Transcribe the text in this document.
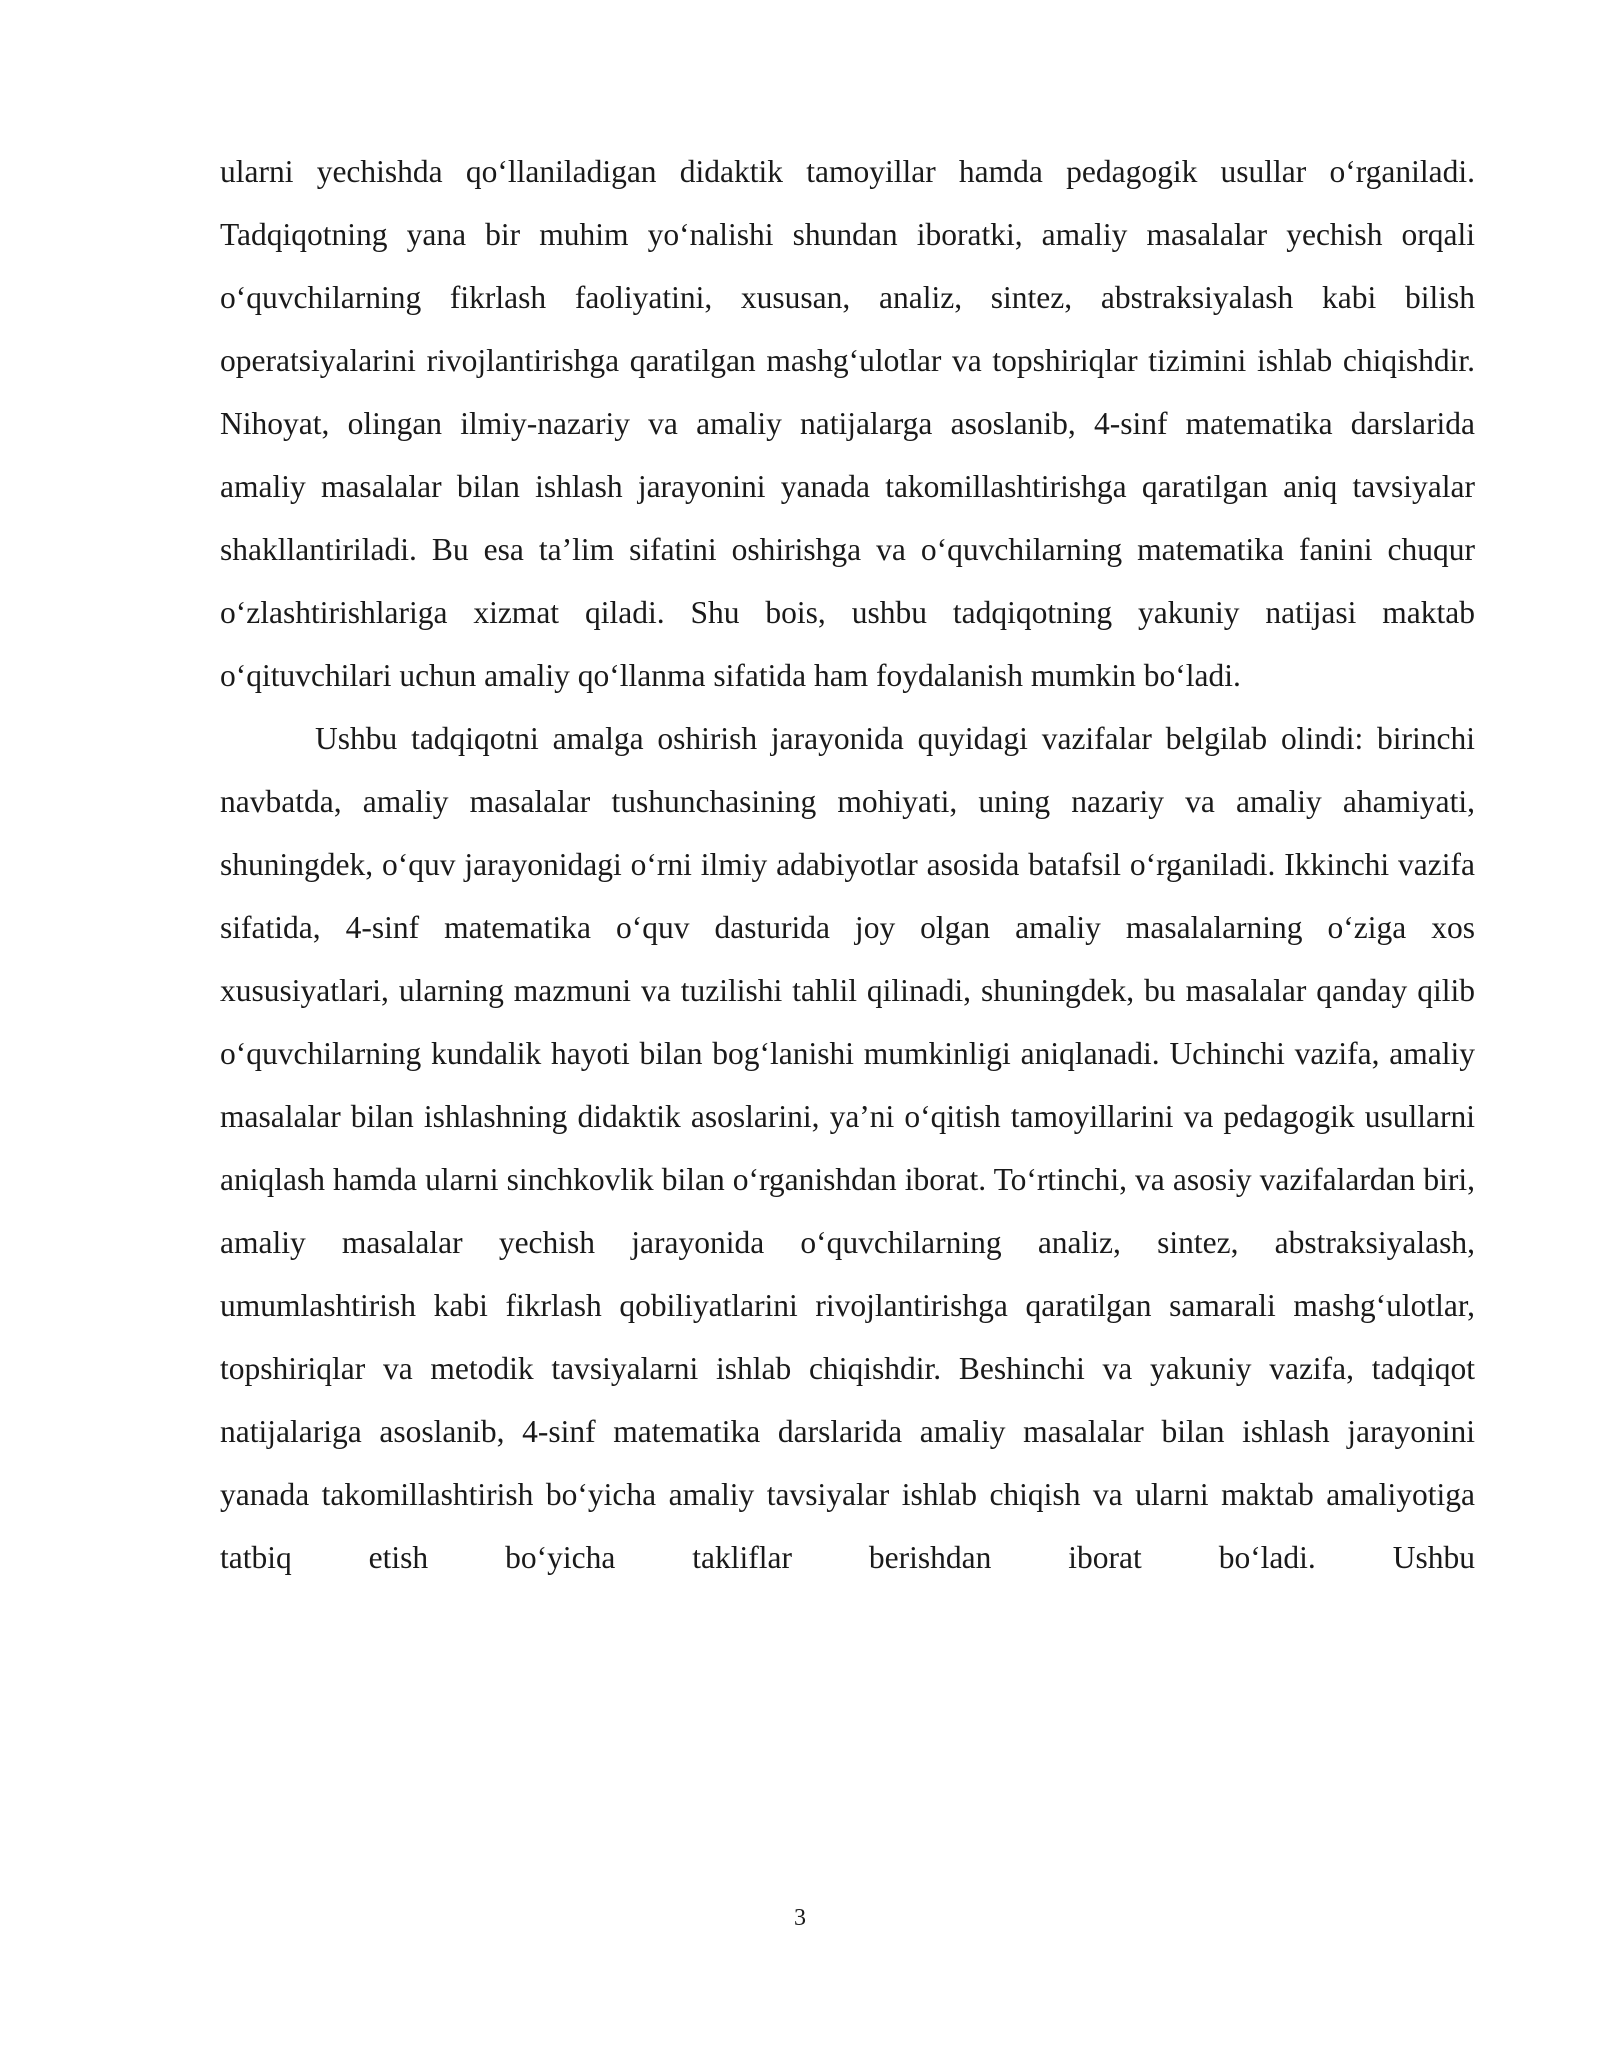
ularni yechishda qo‘llaniladigan didaktik tamoyillar hamda pedagogik usullar o‘rganiladi. Tadqiqotning yana bir muhim yo‘nalishi shundan iboratki, amaliy masalalar yechish orqali o‘quvchilarning fikrlash faoliyatini, xususan, analiz, sintez, abstraksiyalash kabi bilish operatsiyalarini rivojlantirishga qaratilgan mashg‘ulotlar va topshiriqlar tizimini ishlab chiqishdir. Nihoyat, olingan ilmiy-nazariy va amaliy natijalarga asoslanib, 4-sinf matematika darslarida amaliy masalalar bilan ishlash jarayonini yanada takomillashtirishga qaratilgan aniq tavsiyalar shakllantiriladi. Bu esa ta’lim sifatini oshirishga va o‘quvchilarning matematika fanini chuqur o‘zlashtirishlariga xizmat qiladi. Shu bois, ushbu tadqiqotning yakuniy natijasi maktab o‘qituvchilari uchun amaliy qo‘llanma sifatida ham foydalanish mumkin bo‘ladi.

Ushbu tadqiqotni amalga oshirish jarayonida quyidagi vazifalar belgilab olindi: birinchi navbatda, amaliy masalalar tushunchasining mohiyati, uning nazariy va amaliy ahamiyati, shuningdek, o‘quv jarayonidagi o‘rni ilmiy adabiyotlar asosida batafsil o‘rganiladi. Ikkinchi vazifa sifatida, 4-sinf matematika o‘quv dasturida joy olgan amaliy masalalarning o‘ziga xos xususiyatlari, ularning mazmuni va tuzilishi tahlil qilinadi, shuningdek, bu masalalar qanday qilib o‘quvchilarning kundalik hayoti bilan bog‘lanishi mumkinligi aniqlanadi. Uchinchi vazifa, amaliy masalalar bilan ishlashning didaktik asoslarini, ya’ni o‘qitish tamoyillarini va pedagogik usullarni aniqlash hamda ularni sinchkovlik bilan o‘rganishdan iborat. To‘rtinchi, va asosiy vazifalardan biri, amaliy masalalar yechish jarayonida o‘quvchilarning analiz, sintez, abstraksiyalash, umumlashtirish kabi fikrlash qobiliyatlarini rivojlantirishga qaratilgan samarali mashg‘ulotlar, topshiriqlar va metodik tavsiyalarni ishlab chiqishdir. Beshinchi va yakuniy vazifa, tadqiqot natijalariga asoslanib, 4-sinf matematika darslarida amaliy masalalar bilan ishlash jarayonini yanada takomillashtirish bo‘yicha amaliy tavsiyalar ishlab chiqish va ularni maktab amaliyotiga tatbiq etish bo‘yicha takliflar berishdan iborat bo‘ladi. Ushbu

3
